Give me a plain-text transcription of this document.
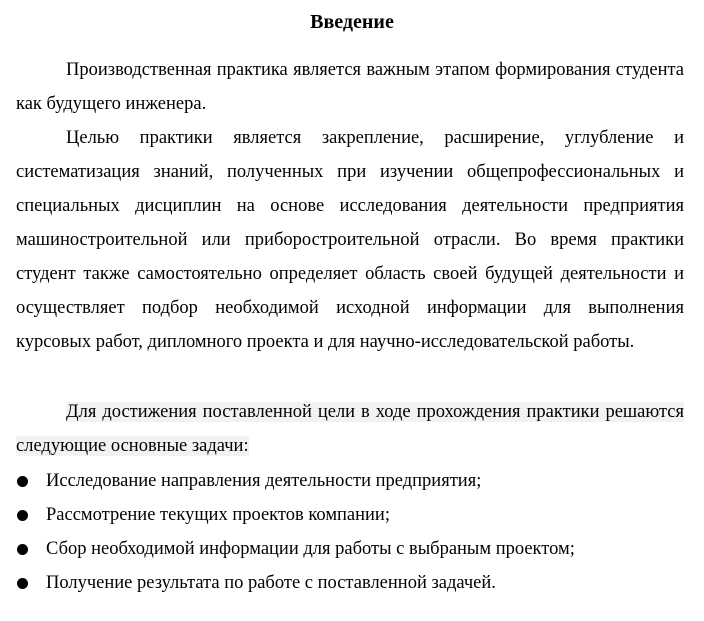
Введение

Производственная практика является важным этапом формирования студента как будущего инженера.

Целью практики является закрепление, расширение, углубление и систематизация знаний, полученных при изучении общепрофессиональных и специальных дисциплин на основе исследования деятельности предприятия машиностроительной или приборостроительной отрасли. Во время практики студент также самостоятельно определяет область своей будущей деятельности и осуществляет подбор необходимой исходной информации для выполнения курсовых работ, дипломного проекта и для научно-исследовательской работы.

Для достижения поставленной цели в ходе прохождения практики решаются следующие основные задачи:

Исследование направления деятельности предприятия;
Рассмотрение текущих проектов компании;
Сбор необходимой информации для работы с выбраным проектом;
Получение результата по работе с поставленной задачей.
